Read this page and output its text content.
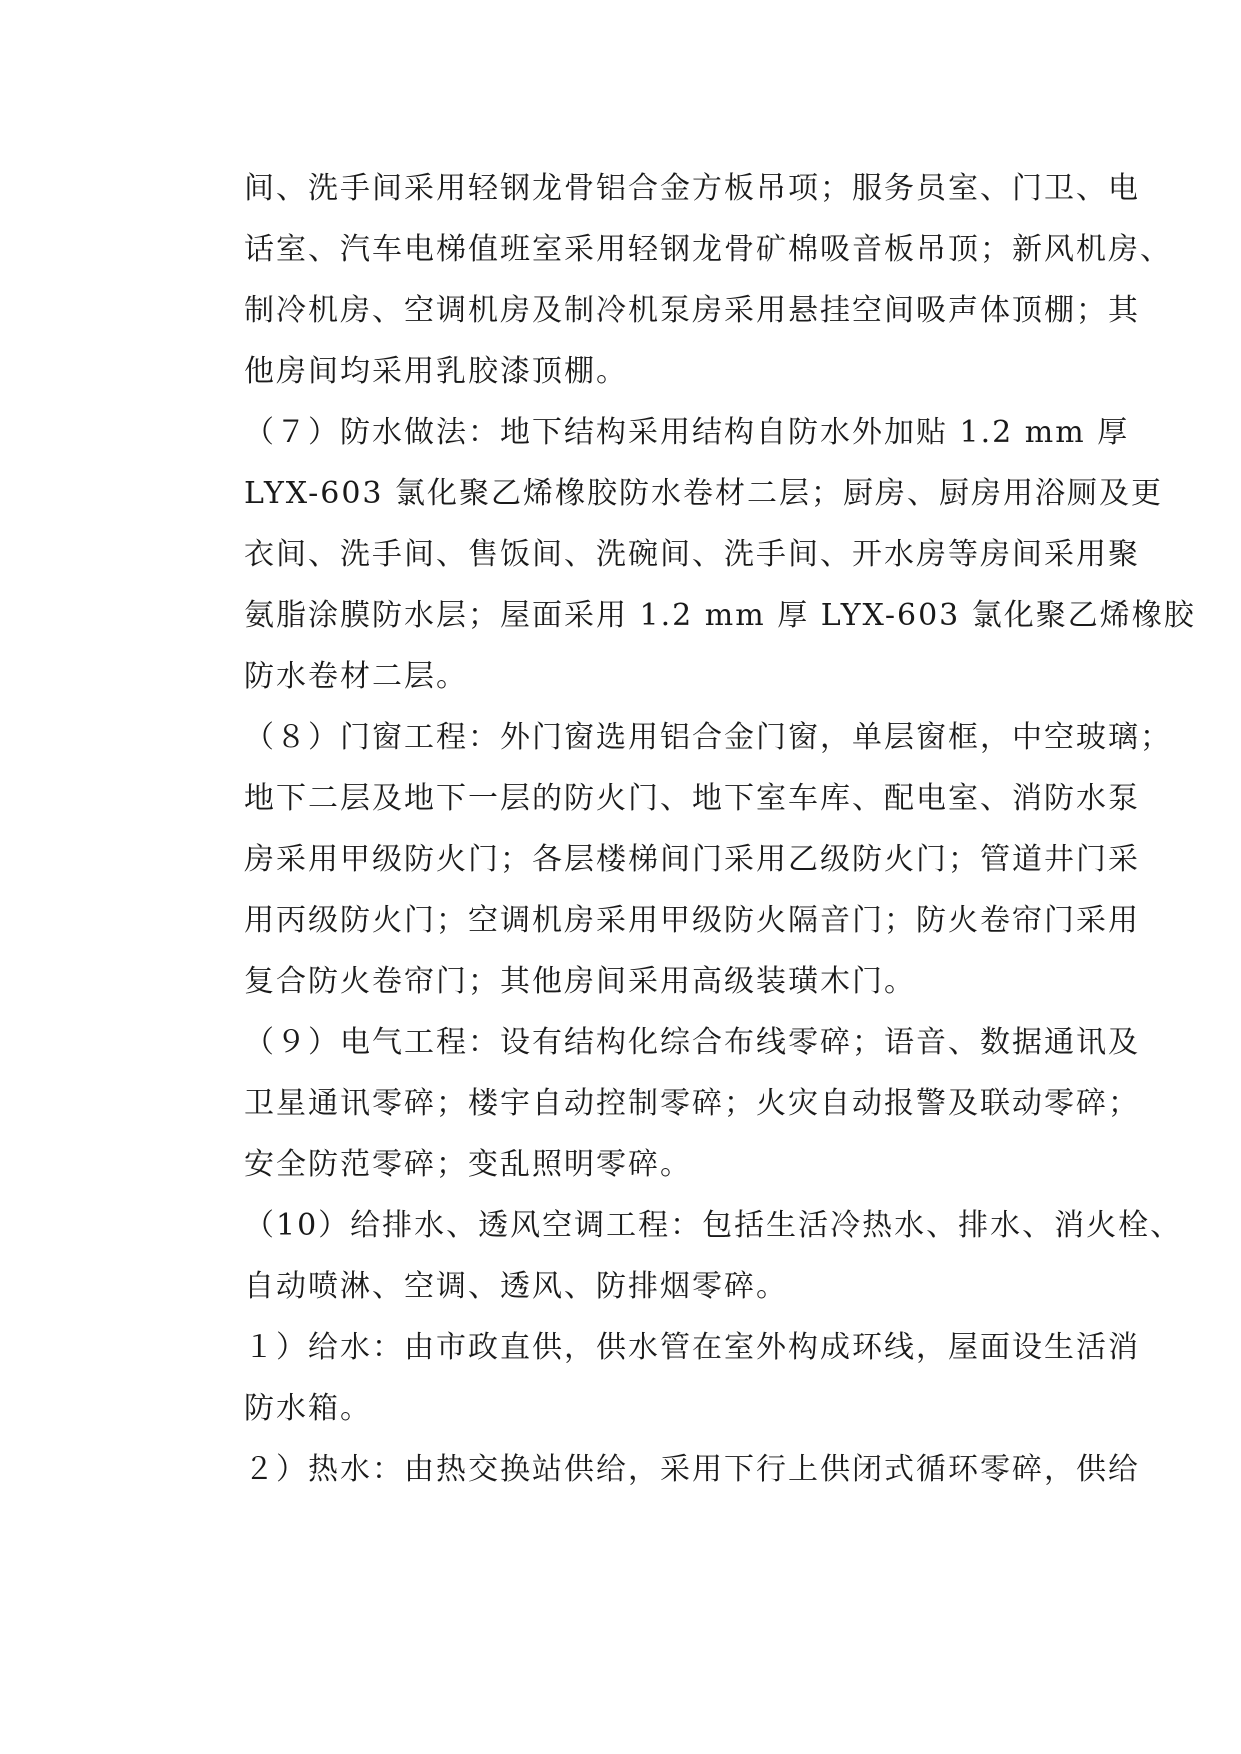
间、洗手间采用轻钢龙骨铝合金方板吊项；服务员室、门卫、电
话室、汽车电梯值班室采用轻钢龙骨矿棉吸音板吊顶；新风机房、
制冷机房、空调机房及制冷机泵房采用悬挂空间吸声体顶棚；其
他房间均采用乳胶漆顶棚。
（７）防水做法：地下结构采用结构自防水外加贴 1.2 mm 厚
LYX-603 氯化聚乙烯橡胶防水卷材二层；厨房、厨房用浴厕及更
衣间、洗手间、售饭间、洗碗间、洗手间、开水房等房间采用聚
氨脂涂膜防水层；屋面采用 1.2 mm 厚 LYX-603 氯化聚乙烯橡胶
防水卷材二层。
（８）门窗工程：外门窗选用铝合金门窗，单层窗框，中空玻璃；
地下二层及地下一层的防火门、地下室车库、配电室、消防水泵
房采用甲级防火门；各层楼梯间门采用乙级防火门；管道井门采
用丙级防火门；空调机房采用甲级防火隔音门；防火卷帘门采用
复合防火卷帘门；其他房间采用高级装璜木门。
（９）电气工程：设有结构化综合布线零碎；语音、数据通讯及
卫星通讯零碎；楼宇自动控制零碎；火灾自动报警及联动零碎；
安全防范零碎；变乱照明零碎。
（10）给排水、透风空调工程：包括生活冷热水、排水、消火栓、
自动喷淋、空调、透风、防排烟零碎。
１）给水：由市政直供，供水管在室外构成环线，屋面设生活消
防水箱。
２）热水：由热交换站供给，采用下行上供闭式循环零碎，供给
